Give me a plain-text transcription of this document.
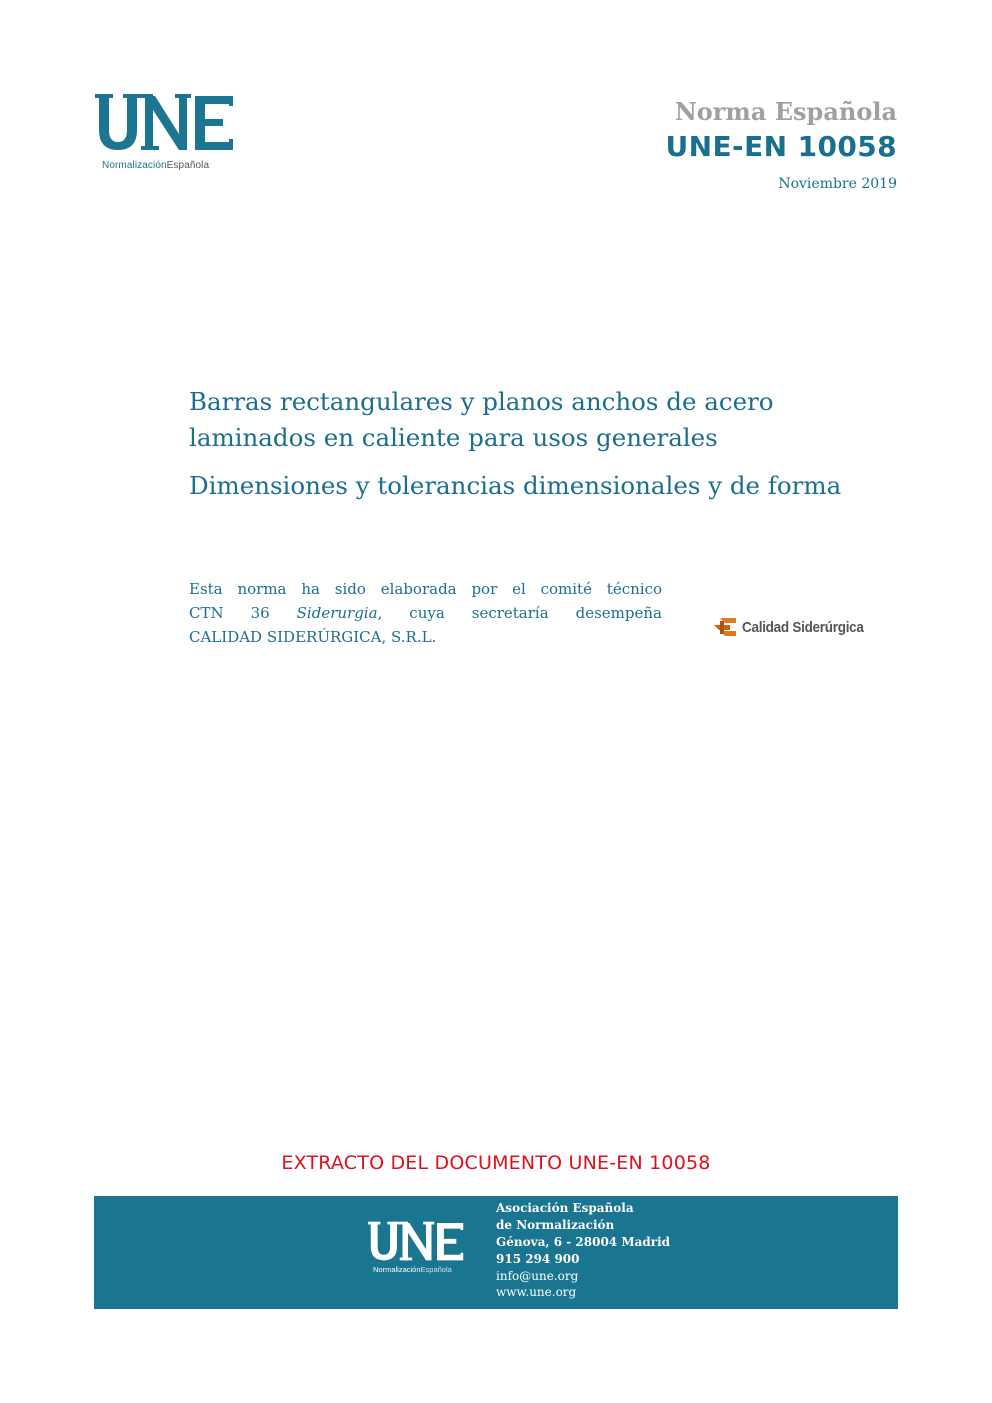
NormalizaciónEspañola
Norma Española
UNE-EN 10058
Noviembre 2019
Barras rectangulares y planos anchos de acero
laminados en caliente para usos generales
Dimensiones y tolerancias dimensionales y de forma
Esta norma ha sido elaborada por el comité técnico
CTN 36 Siderurgia, cuya secretaría desempeña
CALIDAD SIDERÚRGICA, S.R.L.
Calidad Siderúrgica
EXTRACTO DEL DOCUMENTO UNE-EN 10058
NormalizaciónEspañola
Asociación Española
de Normalización
Génova, 6 - 28004 Madrid
915 294 900
info@une.org
www.une.org
